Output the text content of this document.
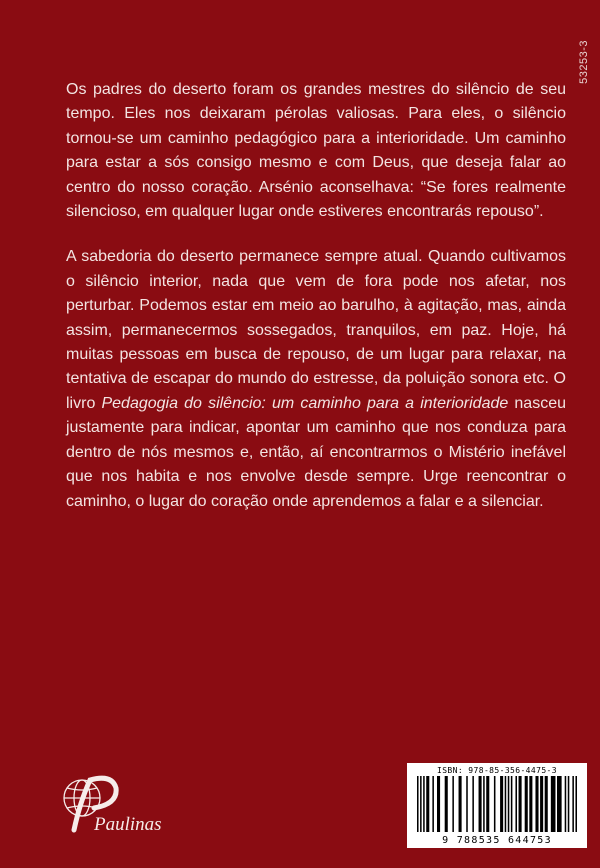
53253-3

Os padres do deserto foram os grandes mestres do silêncio de seu tempo. Eles nos deixaram pérolas valiosas. Para eles, o silêncio tornou-se um caminho pedagógico para a interioridade. Um caminho para estar a sós consigo mesmo e com Deus, que deseja falar ao centro do nosso coração. Arsénio aconselhava: “Se fores realmente silencioso, em qualquer lugar onde estiveres encontrarás repouso”.

A sabedoria do deserto permanece sempre atual. Quando cultivamos o silêncio interior, nada que vem de fora pode nos afetar, nos perturbar. Podemos estar em meio ao barulho, à agitação, mas, ainda assim, permanecermos sossegados, tranquilos, em paz. Hoje, há muitas pessoas em busca de repouso, de um lugar para relaxar, na tentativa de escapar do mundo do estresse, da poluição sonora etc. O livro Pedagogia do silêncio: um caminho para a interioridade nasceu justamente para indicar, apontar um caminho que nos conduza para dentro de nós mesmos e, então, aí encontrarmos o Mistério inefável que nos habita e nos envolve desde sempre. Urge reencontrar o caminho, o lugar do coração onde aprendemos a falar e a silenciar.

Paulinas
ISBN: 978-85-356-4475-3
9 788535 644753
